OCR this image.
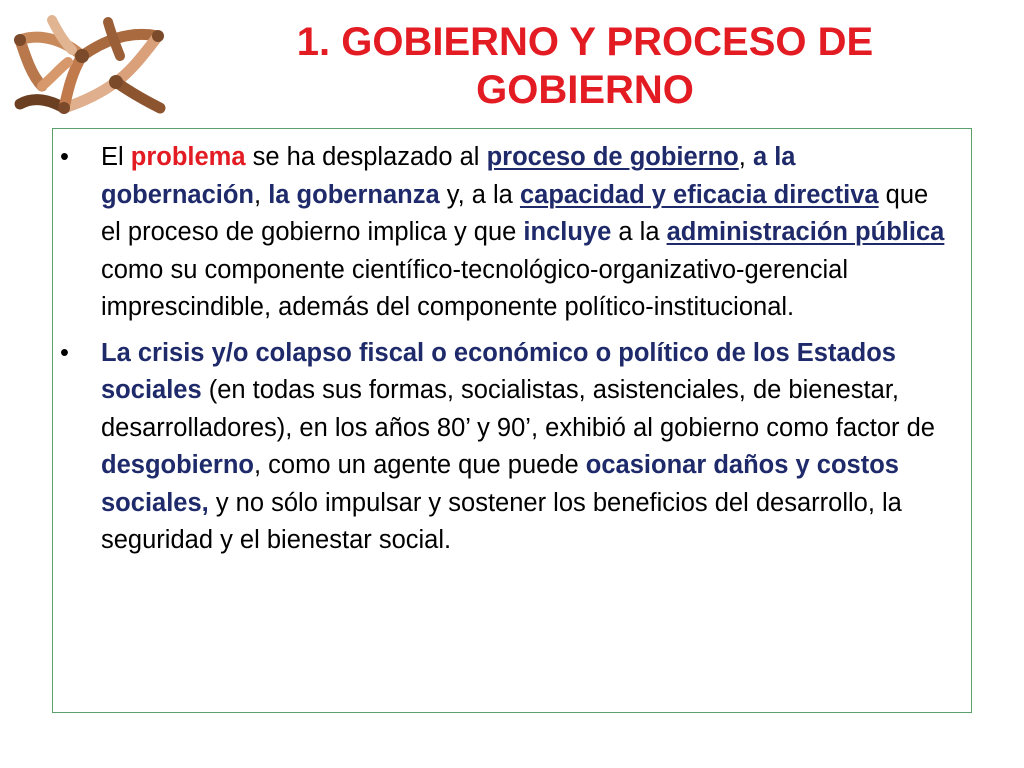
1. GOBIERNO Y PROCESO DE
GOBIERNO
• El problema se ha desplazado al proceso de gobierno, a la gobernación, la gobernanza y, a la capacidad y eficacia directiva que el proceso de gobierno implica y que incluye a la administración pública como su componente científico-tecnológico-organizativo-gerencial imprescindible, además del componente político-institucional.
• La crisis y/o colapso fiscal o económico o político de los Estados sociales (en todas sus formas, socialistas, asistenciales, de bienestar, desarrolladores), en los años 80’ y 90’, exhibió al gobierno como factor de desgobierno, como un agente que puede ocasionar daños y costos sociales, y no sólo impulsar y sostener los beneficios del desarrollo, la seguridad y el bienestar social.
